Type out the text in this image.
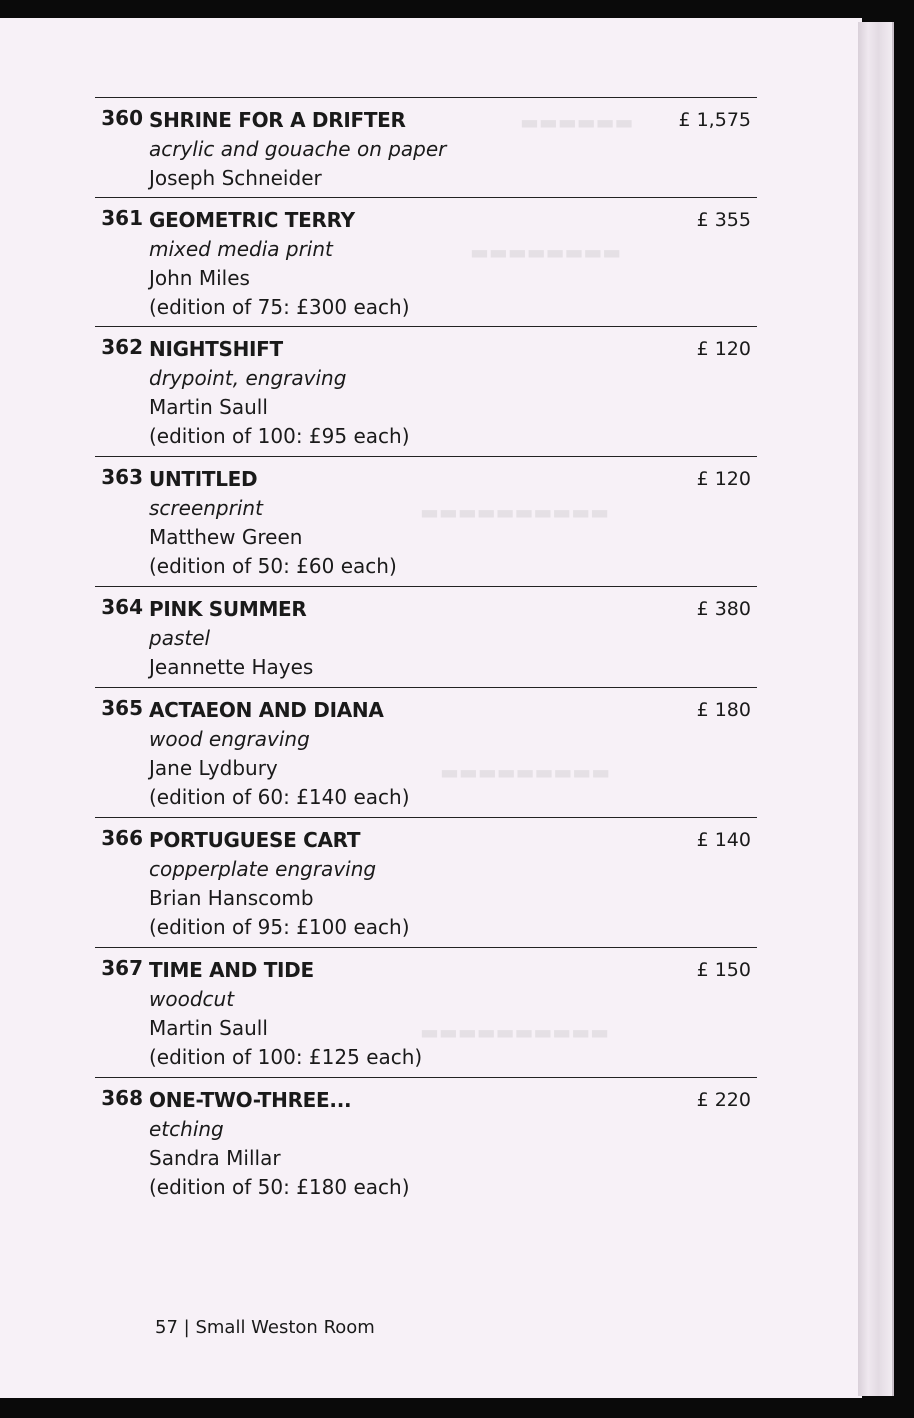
▬▬▬▬▬▬
▬▬▬▬▬▬▬▬
▬▬▬▬▬▬▬▬▬▬
▬▬▬▬▬▬▬▬▬
▬▬▬▬▬▬▬▬▬▬
360 SHRINE FOR A DRIFTER
acrylic and gouache on paper
Joseph Schneider
£ 1,575
361 GEOMETRIC TERRY
mixed media print
John Miles
(edition of 75: £300 each)
£ 355
362 NIGHTSHIFT
drypoint, engraving
Martin Saull
(edition of 100: £95 each)
£ 120
363 UNTITLED
screenprint
Matthew Green
(edition of 50: £60 each)
£ 120
364 PINK SUMMER
pastel
Jeannette Hayes
£ 380
365 ACTAEON AND DIANA
wood engraving
Jane Lydbury
(edition of 60: £140 each)
£ 180
366 PORTUGUESE CART
copperplate engraving
Brian Hanscomb
(edition of 95: £100 each)
£ 140
367 TIME AND TIDE
woodcut
Martin Saull
(edition of 100: £125 each)
£ 150
368 ONE-TWO-THREE...
etching
Sandra Millar
(edition of 50: £180 each)
£ 220
57 | Small Weston Room
